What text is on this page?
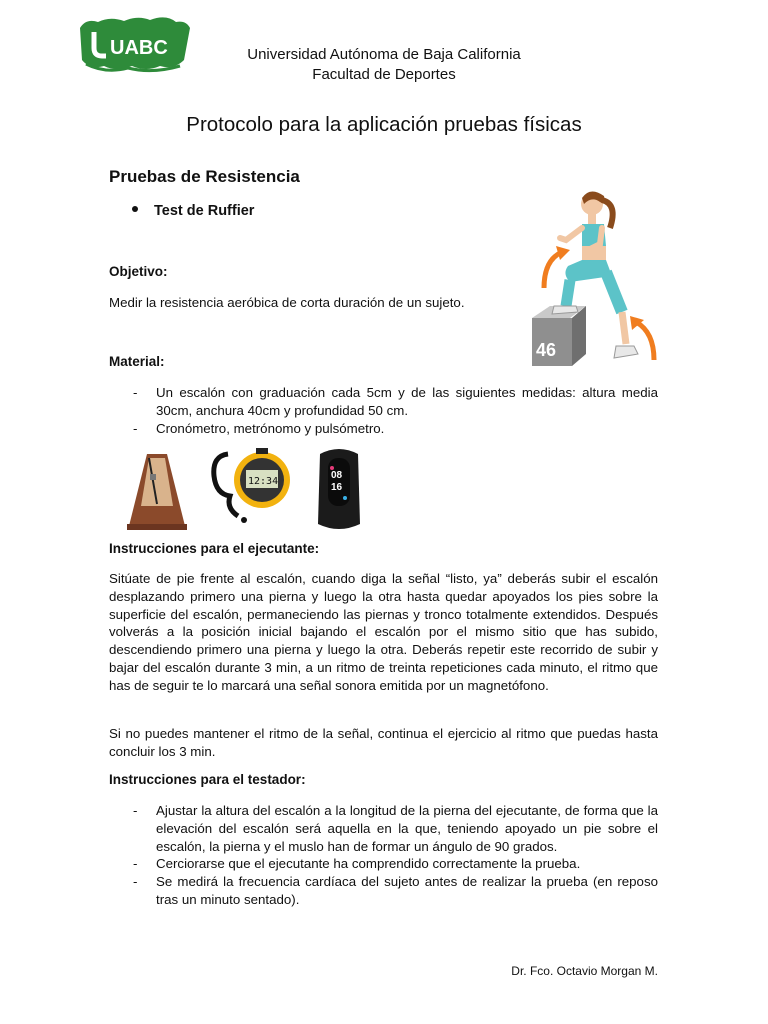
UABC	Universidad Autónoma de Baja California
Facultad de Deportes
Protocolo para la aplicación pruebas físicas
Pruebas de Resistencia
Test de Ruffier
46
Objetivo:
Medir la resistencia aeróbica de corta duración de un sujeto.
Material:
- Un escalón con graduación cada 5cm y de las siguientes medidas: altura media 30cm, anchura 40cm y profundidad 50 cm.
- Cronómetro, metrónomo y pulsómetro.
12:34
08
16
Instrucciones para el ejecutante:
Sitúate de pie frente al escalón, cuando diga la señal “listo, ya” deberás subir el escalón desplazando primero una pierna y luego la otra hasta quedar apoyados los pies sobre la superficie del escalón, permaneciendo las piernas y tronco totalmente extendidos. Después volverás a la posición inicial bajando el escalón por el mismo sitio que has subido, descendiendo primero una pierna y luego la otra. Deberás repetir este recorrido de subir y bajar del escalón durante 3 min, a un ritmo de treinta repeticiones cada minuto, el ritmo que has de seguir te lo marcará una señal sonora emitida por un magnetófono.
Si no puedes mantener el ritmo de la señal, continua el ejercicio al ritmo que puedas hasta concluir los 3 min.
Instrucciones para el testador:
- Ajustar la altura del escalón a la longitud de la pierna del ejecutante, de forma que la elevación del escalón será aquella en la que, teniendo apoyado un pie sobre el escalón, la pierna y el muslo han de formar un ángulo de 90 grados.
- Cerciorarse que el ejecutante ha comprendido correctamente la prueba.
- Se medirá la frecuencia cardíaca del sujeto antes de realizar la prueba (en reposo tras un minuto sentado).
Dr. Fco. Octavio Morgan M.
